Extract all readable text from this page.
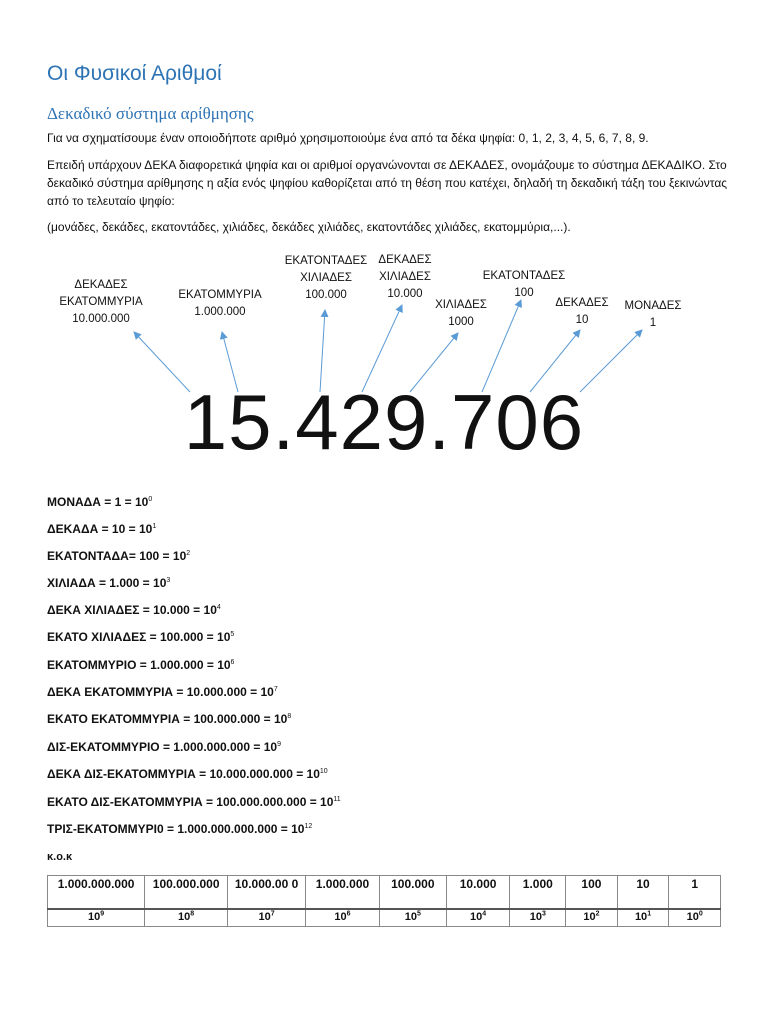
Οι Φυσικοί Αριθμοί
Δεκαδικό σύστημα αρίθμησης

Για να σχηματίσουμε έναν οποιοδήποτε αριθμό χρησιμοποιούμε ένα από τα δέκα ψηφία: 0, 1, 2, 3, 4, 5, 6, 7, 8, 9.

Επειδή υπάρχουν ΔΕΚΑ διαφορετικά ψηφία και οι αριθμοί οργανώνονται σε ΔΕΚΑΔΕΣ, ονομάζουμε το σύστημα ΔΕΚΑΔΙΚΟ. Στο δεκαδικό σύστημα αρίθμησης η αξία ενός ψηφίου καθορίζεται από τη θέση που κατέχει, δηλαδή τη δεκαδική τάξη του ξεκινώντας από το τελευταίο ψηφίο:

(μονάδες, δεκάδες, εκατοντάδες, χιλιάδες, δεκάδες χιλιάδες, εκατοντάδες χιλιάδες, εκατομμύρια,...).

ΔΕΚΑΔΕΣ
ΕΚΑΤΟΜΜΥΡΙΑ
10.000.000
ΕΚΑΤΟΜΜΥΡΙΑ
1.000.000
ΕΚΑΤΟΝΤΑΔΕΣ
ΧΙΛΙΑΔΕΣ
100.000
ΔΕΚΑΔΕΣ
ΧΙΛΙΑΔΕΣ
10.000
ΧΙΛΙΑΔΕΣ
1000
ΕΚΑΤΟΝΤΑΔΕΣ
100
ΔΕΚΑΔΕΣ
10
ΜΟΝΑΔΕΣ
1
15.429.706
$MONA\Delta A = 1 = 10^0$
$\Delta EKA\Delta A = 10 = 10^1$
$EKATONTA\Delta A= 100 = 10^2$
$XI\Lambda IA\Delta A = 1.000 = 10^3$
ΔΕΚΑ $XI\Lambda IA\Delta E\Sigma = 10.000 = 10^4$
ΕΚΑΤΟ $XI\Lambda IA\Delta E\Sigma = 100.000 = 10^5$
$EKATOMM\Upsilon PIO = 1.000.000 = 10^6$
ΔΕΚΑ $EKATOMM\Upsilon PIA = 10.000.000 = 10^7$
ΕΚΑΤΟ $EKATOMM\Upsilon PIA = 100.000.000 = 10^8$
$\Delta I\Sigma-EKATOMM\Upsilon PIO = 1.000.000.000 = 10^9$
ΔΕΚΑ $\Delta I\Sigma-EKATOMM\Upsilon PIA = 10.000.000.000 = 10^{10}$
ΕΚΑΤΟ $\Delta I\Sigma-EKATOMM\Upsilon PIA = 100.000.000.000 = 10^{11}$
$TPI\Sigma-EKATOMM\Upsilon PI0 = 1.000.000.000.000 = 10^{12}$
κ.ο.κ
1.000.000.000	100.000.000	10.000.00 0	1.000.000	100.000	10.000	1.000	100	10	1
$10^9$	$10^8$	$10^7$	$10^6$	$10^5$	$10^4$	$10^3$	$10^2$	$10^1$	$10^0$
